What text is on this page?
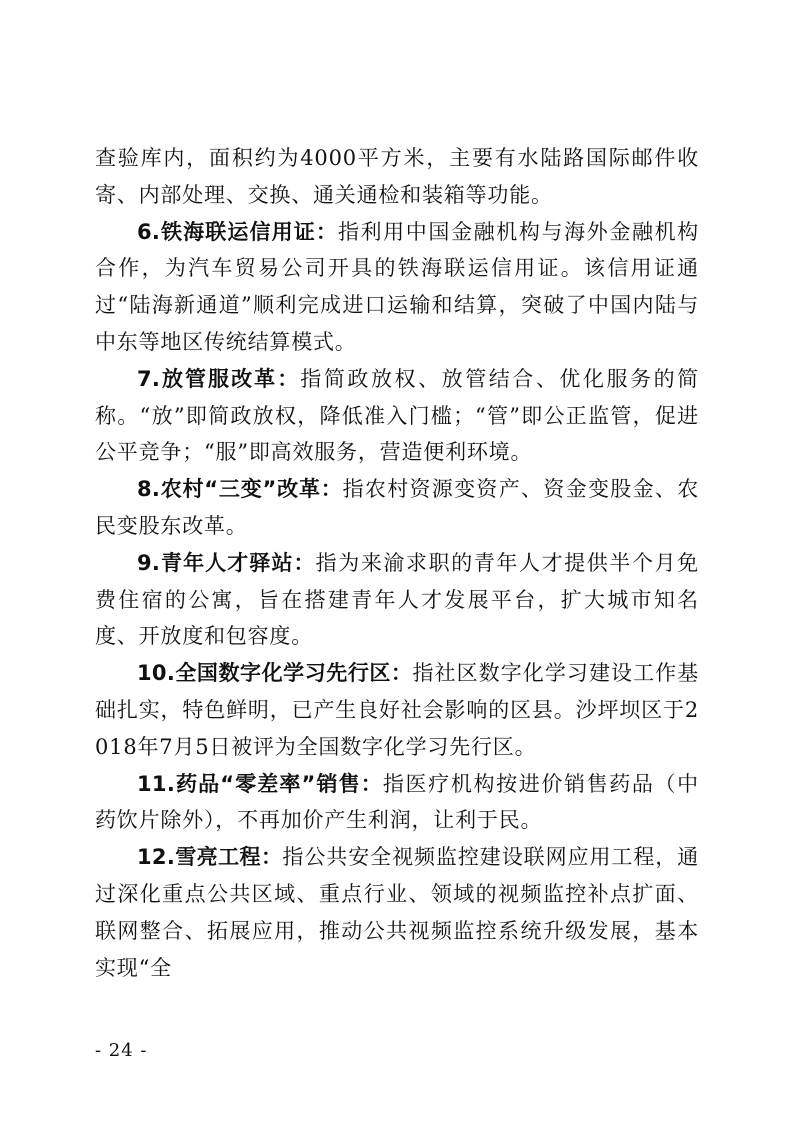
查验库内，面积约为4000平方米，主要有水陆路国际邮件收寄、内部处理、交换、通关通检和装箱等功能。

6.铁海联运信用证：指利用中国金融机构与海外金融机构合作，为汽车贸易公司开具的铁海联运信用证。该信用证通过“陆海新通道”顺利完成进口运输和结算，突破了中国内陆与中东等地区传统结算模式。

7.放管服改革：指简政放权、放管结合、优化服务的简称。“放”即简政放权，降低准入门槛；“管”即公正监管，促进公平竞争；“服”即高效服务，营造便利环境。

8.农村“三变”改革：指农村资源变资产、资金变股金、农民变股东改革。

9.青年人才驿站：指为来渝求职的青年人才提供半个月免费住宿的公寓，旨在搭建青年人才发展平台，扩大城市知名度、开放度和包容度。

10.全国数字化学习先行区：指社区数字化学习建设工作基础扎实，特色鲜明，已产生良好社会影响的区县。沙坪坝区于2018年7月5日被评为全国数字化学习先行区。

11.药品“零差率”销售：指医疗机构按进价销售药品（中药饮片除外），不再加价产生利润，让利于民。

12.雪亮工程：指公共安全视频监控建设联网应用工程，通过深化重点公共区域、重点行业、领域的视频监控补点扩面、联网整合、拓展应用，推动公共视频监控系统升级发展，基本实现“全

- 24 -
